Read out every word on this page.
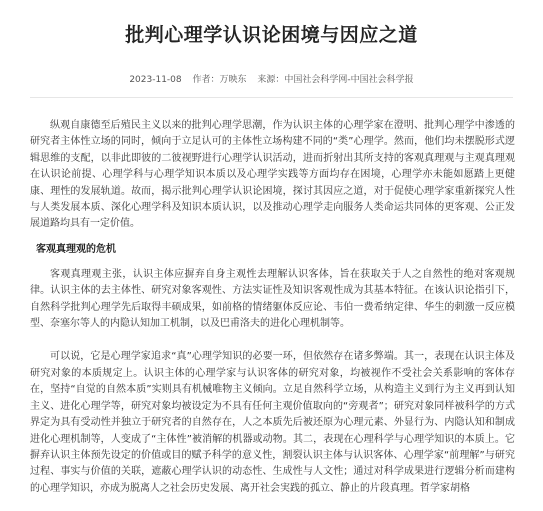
批判心理学认识论困境与因应之道
2023-11-08 作者：万映东 来源：中国社会科学网-中国社会科学报

纵观自康德至后殖民主义以来的批判心理学思潮，作为认识主体的心理学家在澄明、批判心理学中渗透的研究者主体性立场的同时，倾向于立足认可的主体性立场构建不同的“类”心理学。然而，他们均未摆脱形式逻辑思维的支配，以非此即彼的二彼视野进行心理学认识活动，进而折射出其所支持的客观真理观与主观真理观在认识论前提、心理学科与心理学知识本质以及心理学实践等方面均存在困境，心理学亦未能如愿踏上更健康、理性的发展轨道。故而，揭示批判心理学认识论困境，探讨其因应之道，对于促使心理学家重新探究人性与人类发展本质、深化心理学科及知识本质认识，以及推动心理学走向服务人类命运共同体的更客观、公正发展道路均具有一定价值。

客观真理观的危机

客观真理观主张，认识主体应摒弃自身主观性去理解认识客体，旨在获取关于人之自然性的绝对客观规律。认识主体的去主体性、研究对象客观性、方法实证性及知识客观性成为其基本特征。在该认识论指引下，自然科学批判心理学先后取得丰硕成果，如前格的情绪躯体反应论、韦伯一费希纳定律、华生的刺激一反应模型、奈塞尔等人的内隐认知加工机制，以及巴甫洛夫的进化心理机制等。

可以说，它是心理学家追求“真”心理学知识的必要一环，但依然存在诸多弊端。其一，表现在认识主体及研究对象的本质规定上。认识主体的心理学家与认识客体的研究对象，均被视作不受社会关系影响的客体存在，坚持“自觉的自然本质”实则具有机械唯物主义倾向。立足自然科学立场，从构造主义到行为主义再到认知主义、进化心理学等，研究对象均被设定为不具有任何主观价值取向的“旁观者”；研究对象同样被科学的方式界定为具有受动性并独立于研究者的自然存在，人之本质先后被还原为心理元素、外显行为、内隐认知和制成进化心理机制等，人变成了“主体性”被消解的机器或动物。其二，表现在心理科学与心理学知识的本质上。它摒弃认识主体预先设定的价值或目的赋予科学的意义性，割裂认识主体与认识客体、心理学家“前理解”与研究过程、事实与价值的关联，遮蔽心理学认识的动态性、生成性与人文性；通过对科学成果进行逻辑分析而建构的心理学知识，亦成为脱离人之社会历史发展、离开社会実践的孤立、静止的片段真理。哲学家胡格
